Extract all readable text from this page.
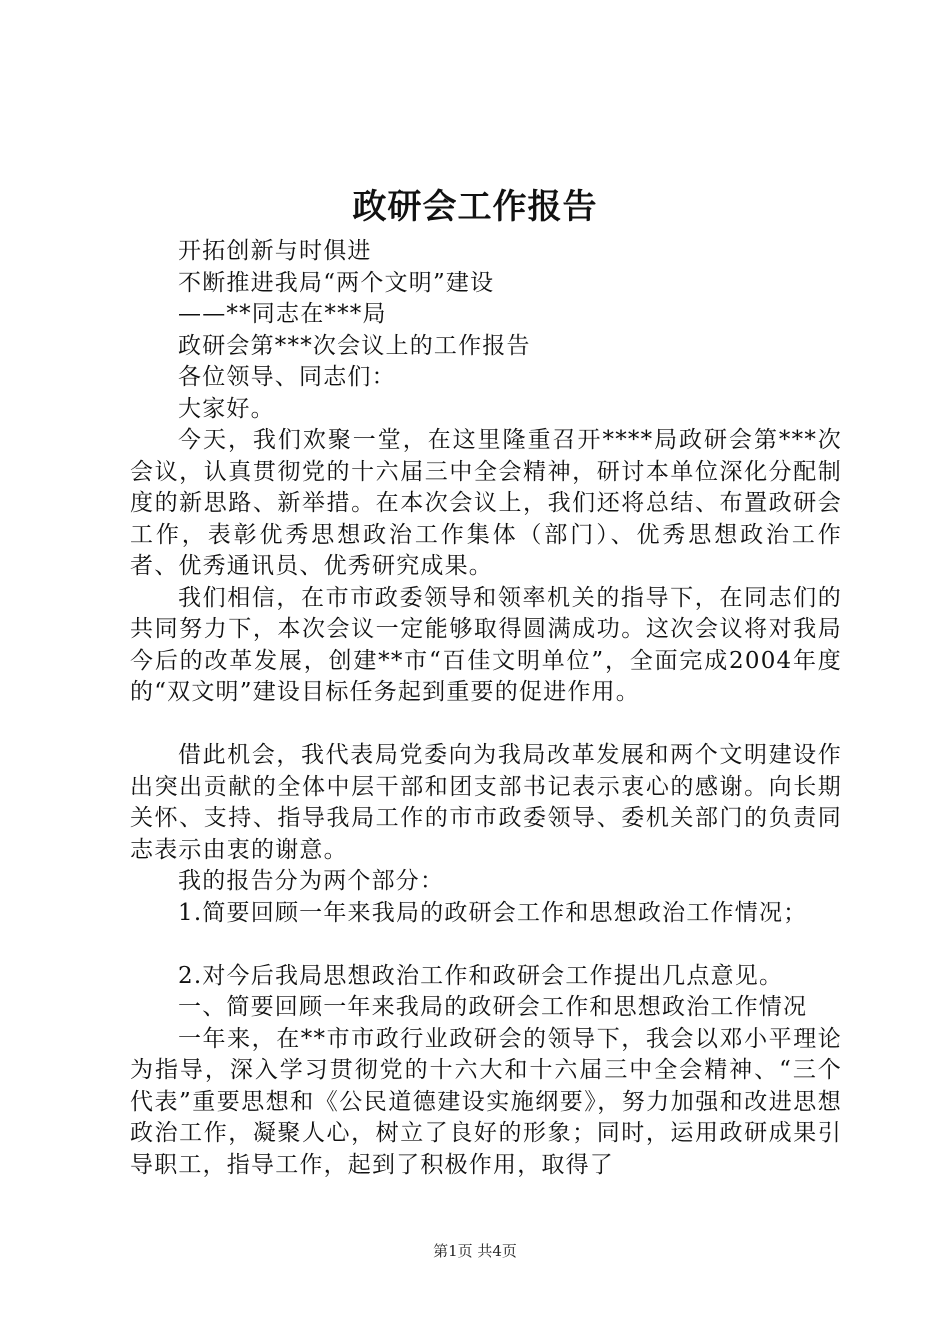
政研会工作报告

开拓创新与时俱进

不断推进我局“两个文明”建设

——**同志在***局

政研会第***次会议上的工作报告

各位领导、同志们：

大家好。

今天，我们欢聚一堂，在这里隆重召开****局政研会第***次会议，认真贯彻党的十六届三中全会精神，研讨本单位深化分配制度的新思路、新举措。在本次会议上，我们还将总结、布置政研会工作，表彰优秀思想政治工作集体（部门）、优秀思想政治工作者、优秀通讯员、优秀研究成果。

我们相信，在市市政委领导和领率机关的指导下，在同志们的共同努力下，本次会议一定能够取得圆满成功。这次会议将对我局今后的改革发展，创建**市“百佳文明单位”，全面完成2004年度的“双文明”建设目标任务起到重要的促进作用。

借此机会，我代表局党委向为我局改革发展和两个文明建设作出突出贡献的全体中层干部和团支部书记表示衷心的感谢。向长期关怀、支持、指导我局工作的市市政委领导、委机关部门的负责同志表示由衷的谢意。

我的报告分为两个部分：

1.简要回顾一年来我局的政研会工作和思想政治工作情况；

2.对今后我局思想政治工作和政研会工作提出几点意见。

一、简要回顾一年来我局的政研会工作和思想政治工作情况

一年来，在**市市政行业政研会的领导下，我会以邓小平理论为指导，深入学习贯彻党的十六大和十六届三中全会精神、“三个代表”重要思想和《公民道德建设实施纲要》，努力加强和改进思想政治工作，凝聚人心，树立了良好的形象；同时，运用政研成果引导职工，指导工作，起到了积极作用，取得了

第1页 共4页
